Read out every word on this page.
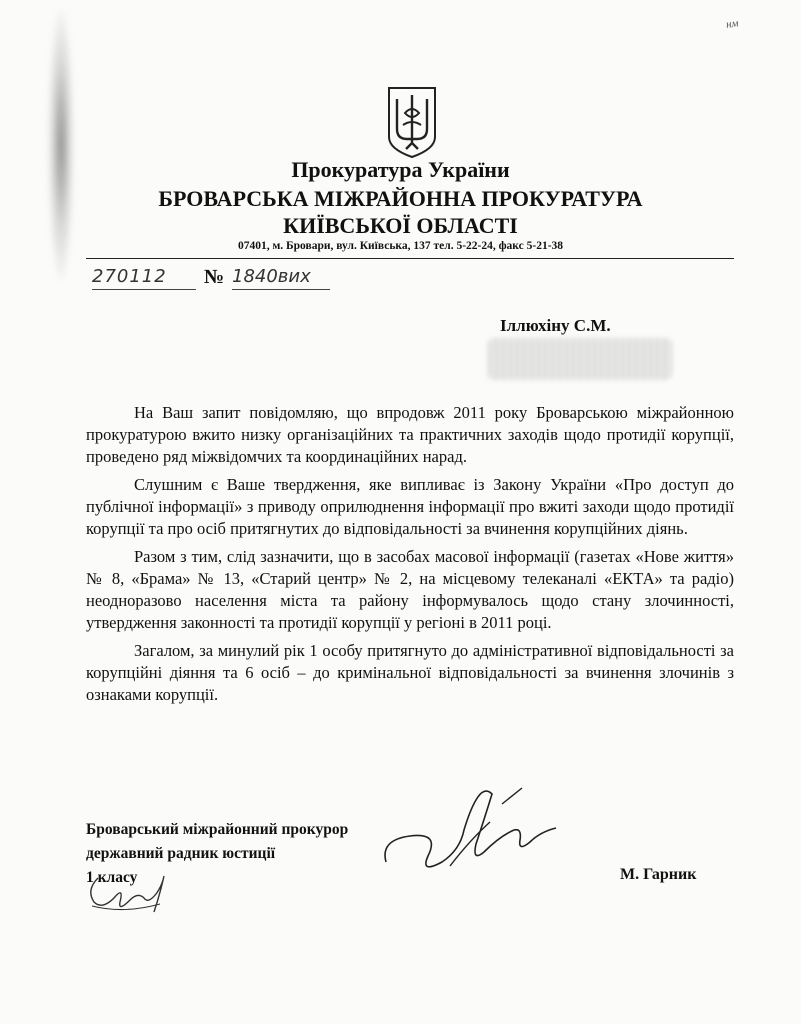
нм
Прокуратура України
БРОВАРСЬКА МІЖРАЙОННА ПРОКУРАТУРА
КИЇВСЬКОЇ ОБЛАСТІ
07401, м. Бровари, вул. Київська, 137 тел. 5-22-24, факс 5-21-38
270112	№ 1840вих
Іллюхіну С.М.

На Ваш запит повідомляю, що впродовж 2011 року Броварською міжрайонною прокуратурою вжито низку організаційних та практичних заходів щодо протидії корупції, проведено ряд міжвідомчих та координаційних нарад.

Слушним є Ваше твердження, яке випливає із Закону України «Про доступ до публічної інформації» з приводу оприлюднення інформації про вжиті заходи щодо протидії корупції та про осіб притягнутих до відповідальності за вчинення корупційних діянь.

Разом з тим, слід зазначити, що в засобах масової інформації (газетах «Нове життя» № 8, «Брама» № 13, «Старий центр» № 2, на місцевому телеканалі «ЕКТА» та радіо) неодноразово населення міста та району інформувалось щодо стану злочинності, утвердження законності та протидії корупції у регіоні в 2011 році.

Загалом, за минулий рік 1 особу притягнуто до адміністративної відповідальності за корупційні діяння та 6 осіб – до кримінальної відповідальності за вчинення злочинів з ознаками корупції.

Броварський міжрайонний прокурор
державний радник юстиції
1 класу	М. Гарник
